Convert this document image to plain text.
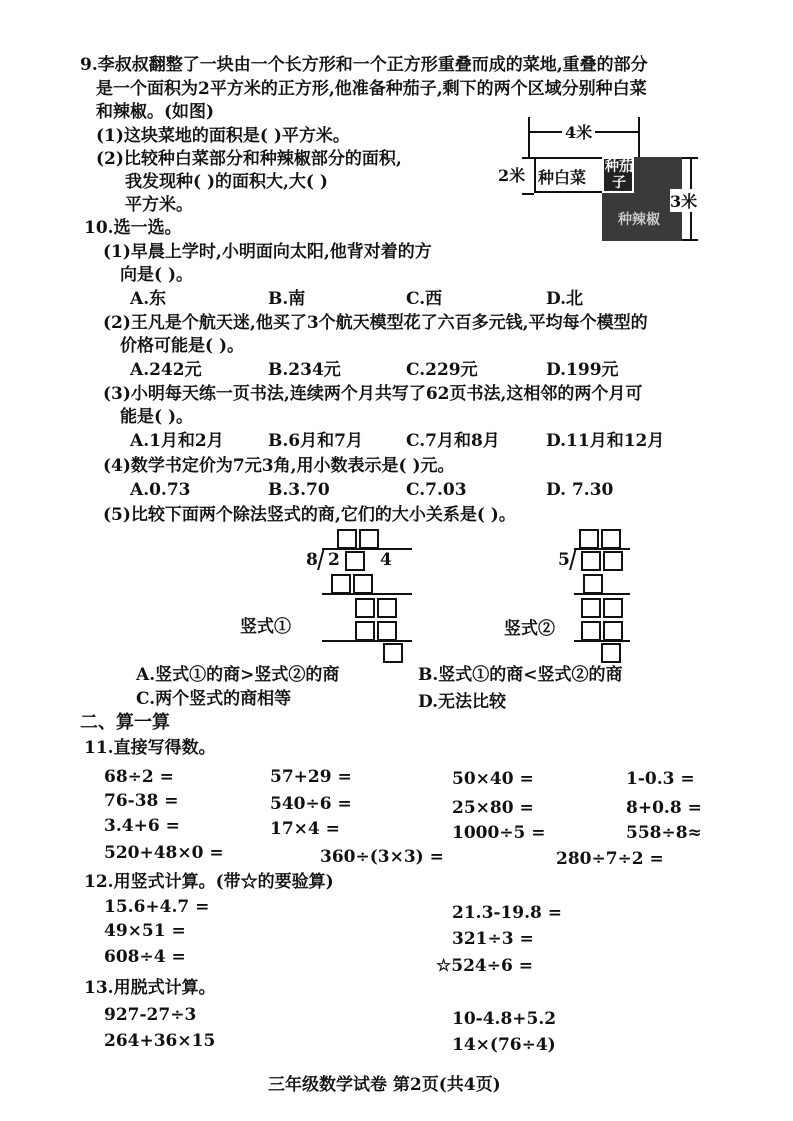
9.李叔叔翻整了一块由一个长方形和一个正方形重叠而成的菜地,重叠的部分
是一个面积为2平方米的正方形,他准备种茄子,剩下的两个区域分别种白菜
和辣椒。(如图)
(1)这块菜地的面积是( )平方米。
(2)比较种白菜部分和种辣椒部分的面积,
我发现种( )的面积大,大( )
平方米。
4米
2米 种白菜
种茄
子
种辣椒
3米
10.选一选。
(1)早晨上学时,小明面向太阳,他背对着的方
向是( )。
A.东	B.南	C.西	D.北
(2)王凡是个航天迷,他买了3个航天模型花了六百多元钱,平均每个模型的
价格可能是( )。
A.242元	B.234元	C.229元	D.199元
(3)小明每天练一页书法,连续两个月共写了62页书法,这相邻的两个月可
能是( )。
A.1月和2月	B.6月和7月	C.7月和8月	D.11月和12月
(4)数学书定价为7元3角,用小数表示是( )元。
A.0.73	B.3.70	C.7.03	D. 7.30
(5)比较下面两个除法竖式的商,它们的大小关系是( )。
8 2 4
竖式①
5
竖式②
A.竖式①的商>竖式②的商	B.竖式①的商<竖式②的商
C.两个竖式的商相等	D.无法比较
二、算一算
11.直接写得数。
68÷2 =	57+29 =	50×40 =	1-0.3 =
76-38 =	540÷6 =	25×80 =	8+0.8 =
3.4+6 =	17×4 =	1000÷5 =	558÷8≈
520+48×0 =	360÷(3×3) =	280÷7÷2 =
12.用竖式计算。(带☆的要验算)
15.6+4.7 =	21.3-19.8 =
49×51 =	321÷3 =
608÷4 =	☆524÷6 =
13.用脱式计算。
927-27÷3	10-4.8+5.2
264+36×15	14×(76÷4)
三年级数学试卷 第2页(共4页)
